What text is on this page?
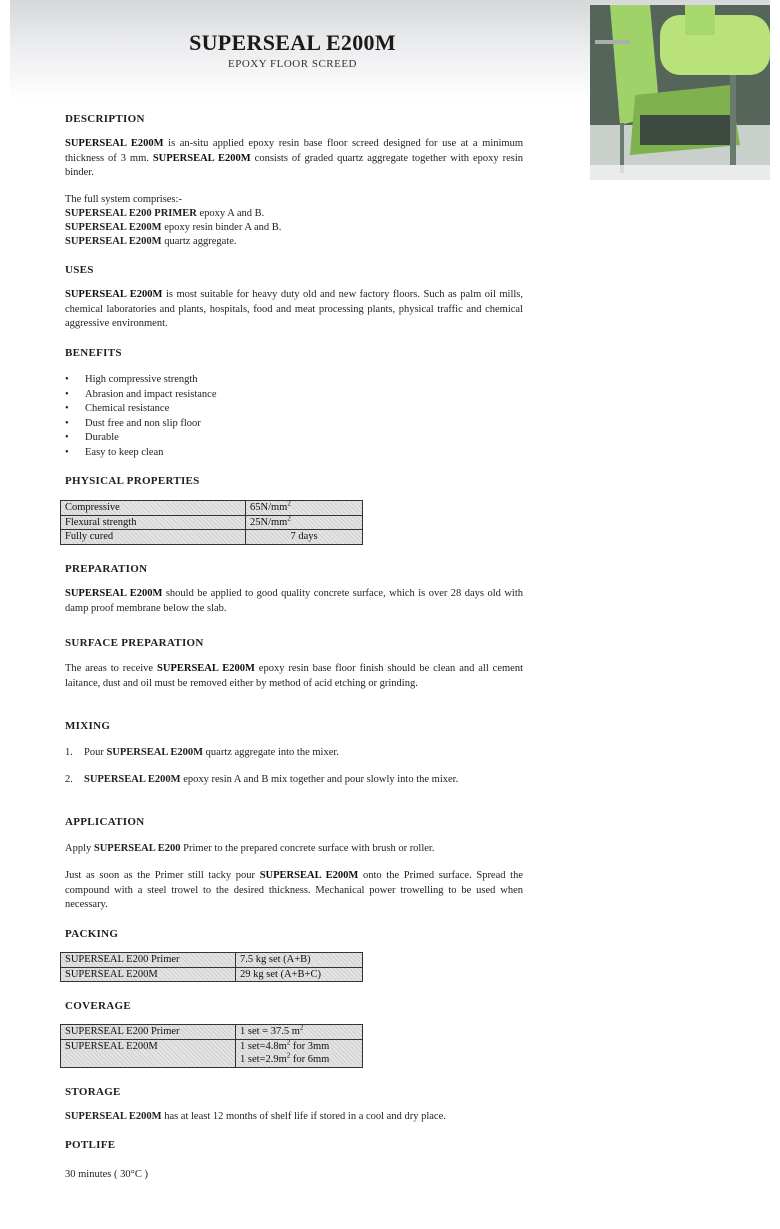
SUPERSEAL E200M
EPOXY FLOOR SCREED
DESCRIPTION

SUPERSEAL E200M is an-situ applied epoxy resin base floor screed designed for use at a minimum thickness of 3 mm. SUPERSEAL E200M consists of graded quartz aggregate together with epoxy resin binder.

The full system comprises:-
SUPERSEAL E200 PRIMER epoxy A and B.
SUPERSEAL E200M epoxy resin binder A and B.
SUPERSEAL E200M quartz aggregate.
USES

SUPERSEAL E200M is most suitable for heavy duty old and new factory floors. Such as palm oil mills, chemical laboratories and plants, hospitals, food and meat processing plants, physical traffic and chemical aggressive environment.

BENEFITS
• High compressive strength
• Abrasion and impact resistance
• Chemical resistance
• Dust free and non slip floor
• Durable
• Easy to keep clean
PHYSICAL PROPERTIES
Compressive	$65N/mm^2$
Flexural strength	$25N/mm^2$
Fully cured	7 days
PREPARATION

SUPERSEAL E200M should be applied to good quality concrete surface, which is over 28 days old with damp proof membrane below the slab.

SURFACE PREPARATION

The areas to receive SUPERSEAL E200M epoxy resin base floor finish should be clean and all cement laitance, dust and oil must be removed either by method of acid etching or grinding.

MIXING
1. Pour SUPERSEAL E200M quartz aggregate into the mixer.
2. SUPERSEAL E200M epoxy resin A and B mix together and pour slowly into the mixer.
APPLICATION
Apply SUPERSEAL E200 Primer to the prepared concrete surface with brush or roller.

Just as soon as the Primer still tacky pour SUPERSEAL E200M onto the Primed surface. Spread the compound with a steel trowel to the desired thickness. Mechanical power trowelling to be used when necessary.

PACKING
SUPERSEAL E200 Primer	7.5 kg set (A+B)
SUPERSEAL E200M	29 kg set (A+B+C)
COVERAGE
SUPERSEAL E200 Primer	1 set = 37.5 $m^2$
SUPERSEAL E200M	1 $set=4.8m^2$ for 3mm
1 $set=2.9m^2$ for 6mm
STORAGE
SUPERSEAL E200M has at least 12 months of shelf life if stored in a cool and dry place.
POTLIFE
30 minutes ( 30°C )
